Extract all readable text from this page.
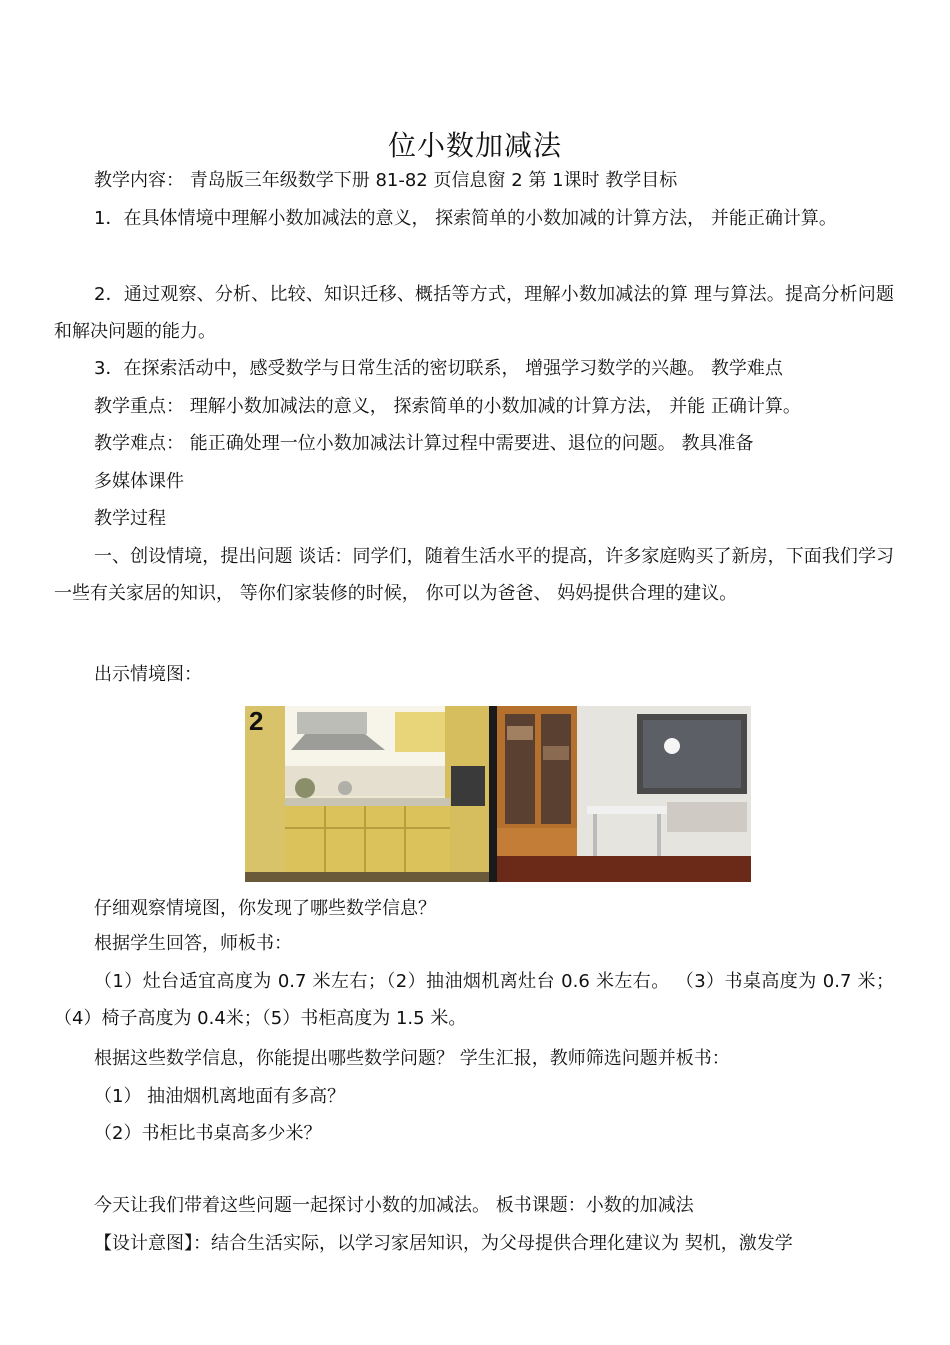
位小数加减法
教学内容： 青岛版三年级数学下册 81-82 页信息窗 2 第 1课时 教学目标
1．在具体情境中理解小数加减法的意义， 探索简单的小数加减的计算方法， 并能正确计算。
2．通过观察、分析、比较、知识迁移、概括等方式，理解小数加减法的算 理与算法。提高分析问题和解决问题的能力。
3．在探索活动中，感受数学与日常生活的密切联系， 增强学习数学的兴趣。 教学难点
教学重点： 理解小数加减法的意义， 探索简单的小数加减的计算方法， 并能 正确计算。
教学难点： 能正确处理一位小数加减法计算过程中需要进、退位的问题。 教具准备
多媒体课件
教学过程
一、创设情境，提出问题 谈话：同学们，随着生活水平的提高，许多家庭购买了新房，下面我们学习 一些有关家居的知识， 等你们家装修的时候， 你可以为爸爸、 妈妈提供合理的建议。
出示情境图：
2
仔细观察情境图，你发现了哪些数学信息？
根据学生回答，师板书：
（1）灶台适宜高度为 0.7 米左右；（2）抽油烟机离灶台 0.6 米左右。 （3）书桌高度为 0.7 米；（4）椅子高度为 0.4米；（5）书柜高度为 1.5 米。
根据这些数学信息，你能提出哪些数学问题？ 学生汇报，教师筛选问题并板书：
（1） 抽油烟机离地面有多高？
（2）书柜比书桌高多少米？
今天让我们带着这些问题一起探讨小数的加减法。 板书课题：小数的加减法
【设计意图】：结合生活实际，以学习家居知识，为父母提供合理化建议为 契机，激发学
